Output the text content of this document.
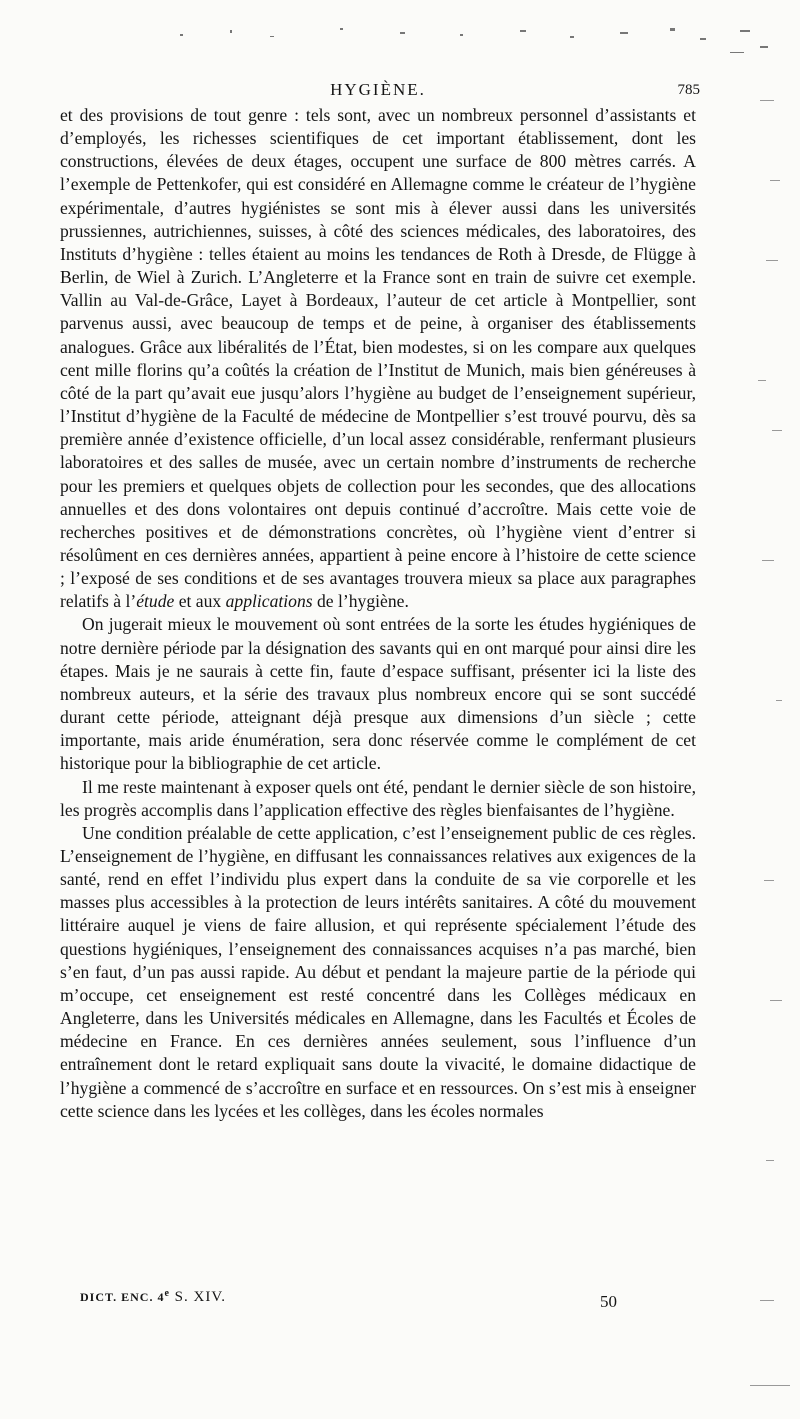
HYGIÈNE.	785

et des provisions de tout genre : tels sont, avec un nombreux personnel d’assistants et d’employés, les richesses scientifiques de cet important établissement, dont les constructions, élevées de deux étages, occupent une surface de 800 mètres carrés. A l’exemple de Pettenkofer, qui est considéré en Allemagne comme le créateur de l’hygiène expérimentale, d’autres hygiénistes se sont mis à élever aussi dans les universités prussiennes, autrichiennes, suisses, à côté des sciences médicales, des laboratoires, des Instituts d’hygiène : telles étaient au moins les tendances de Roth à Dresde, de Flügge à Berlin, de Wiel à Zurich. L’Angleterre et la France sont en train de suivre cet exemple. Vallin au Val-de-Grâce, Layet à Bordeaux, l’auteur de cet article à Montpellier, sont parvenus aussi, avec beaucoup de temps et de peine, à organiser des établissements analogues. Grâce aux libéralités de l’État, bien modestes, si on les compare aux quelques cent mille florins qu’a coûtés la création de l’Institut de Munich, mais bien généreuses à côté de la part qu’avait eue jusqu’alors l’hygiène au budget de l’enseignement supérieur, l’Institut d’hygiène de la Faculté de médecine de Montpellier s’est trouvé pourvu, dès sa première année d’existence officielle, d’un local assez considérable, renfermant plusieurs laboratoires et des salles de musée, avec un certain nombre d’instruments de recherche pour les premiers et quelques objets de collection pour les secondes, que des allocations annuelles et des dons volontaires ont depuis continué d’accroître. Mais cette voie de recherches positives et de démonstrations concrètes, où l’hygiène vient d’entrer si résolûment en ces dernières années, appartient à peine encore à l’histoire de cette science ; l’exposé de ses conditions et de ses avantages trouvera mieux sa place aux paragraphes relatifs à l’étude et aux applications de l’hygiène.

On jugerait mieux le mouvement où sont entrées de la sorte les études hygiéniques de notre dernière période par la désignation des savants qui en ont marqué pour ainsi dire les étapes. Mais je ne saurais à cette fin, faute d’espace suffisant, présenter ici la liste des nombreux auteurs, et la série des travaux plus nombreux encore qui se sont succédé durant cette période, atteignant déjà presque aux dimensions d’un siècle ; cette importante, mais aride énumération, sera donc réservée comme le complément de cet historique pour la bibliographie de cet article.

Il me reste maintenant à exposer quels ont été, pendant le dernier siècle de son histoire, les progrès accomplis dans l’application effective des règles bienfaisantes de l’hygiène.

Une condition préalable de cette application, c’est l’enseignement public de ces règles. L’enseignement de l’hygiène, en diffusant les connaissances relatives aux exigences de la santé, rend en effet l’individu plus expert dans la conduite de sa vie corporelle et les masses plus accessibles à la protection de leurs intérêts sanitaires. A côté du mouvement littéraire auquel je viens de faire allusion, et qui représente spécialement l’étude des questions hygiéniques, l’enseignement des connaissances acquises n’a pas marché, bien s’en faut, d’un pas aussi rapide. Au début et pendant la majeure partie de la période qui m’occupe, cet enseignement est resté concentré dans les Collèges médicaux en Angleterre, dans les Universités médicales en Allemagne, dans les Facultés et Écoles de médecine en France. En ces dernières années seulement, sous l’influence d’un entraînement dont le retard expliquait sans doute la vivacité, le domaine didactique de l’hygiène a commencé de s’accroître en surface et en ressources. On s’est mis à enseigner cette science dans les lycées et les collèges, dans les écoles normales

DICT. ENC. 4e S. XIV.	50
